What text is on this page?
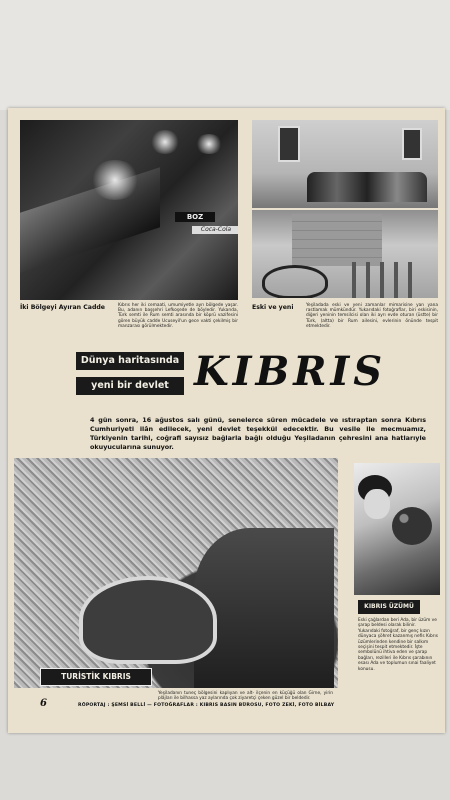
BOZ
Coca-Cola
İki Bölgeyi Ayıran Cadde	Kıbrıs her iki cemaati, umumiyetle ayrı bölgede yaşar. Bu, adanın başşehri Lefkoşede de böyledir. Yukarıda, Türk semti ile Rum semti arasında bir köprü vazifesini gören büyük cadde Ucuseyil'un gece vakti çekilmiş bir manzarası görülmektedir.
Eski ve yeni	Yeşiladada eski ve yeni zamanlar mimarisine yan yana rastlamak mümkündür. Yukarıdaki fotoğraflar, biri eskisinin, diğeri yeninin temsilcisi olan iki ayrı evde oturan (üstte) bir Türk, (altta) bir Rum ailesini, evlerinin önünde tespit etmektedir.
Dünya haritasında
yeni bir devlet KIBRIS
4 gün sonra, 16 ağustos salı günü, senelerce süren mücadele ve ıstıraptan sonra Kıbrıs Cumhuriyeti ilân edilecek, yeni devlet teşekkül edecektir. Bu vesile ile mecmuamız, Türkiyenin tarihi, coğrafi sayısız bağlarla bağlı olduğu Yeşiladanın çehresini ana hatlarıyle okuyucularına sunuyor.
TURİSTİK KIBRIS
Yeşiladanın tuneç bölgesini kaplıyan ve alt- ilçenin en küçüğü olan Girne, yirin plâjları ile bilhassa yaz aylarında çok ziyaretçi çeken güzel bir beldedir.
KIBRIS ÜZÜMÜ
Eski çağlardan beri Ada, bir üzüm ve şarap beldesi olarak bilinir. Yukarıdaki fotoğraf, bir genç kızın dünyaca şöhret kazanmış nefis Kıbrıs üzümlerinden kendine bir salkım seçişini tespit etmektedir. İşte sembolünü ihtiva eden ve şarap bağları, rezilleri ile Kıbrıs şarabının esası Ada ve toplumun sınai faaliyet konusu.
6	RÖPORTAJ : ŞEMSİ BELLİ — FOTOĞRAFLAR : KIBRIS BASIN BÜROSU, FOTO ZEKİ, FOTO BİLBAY
